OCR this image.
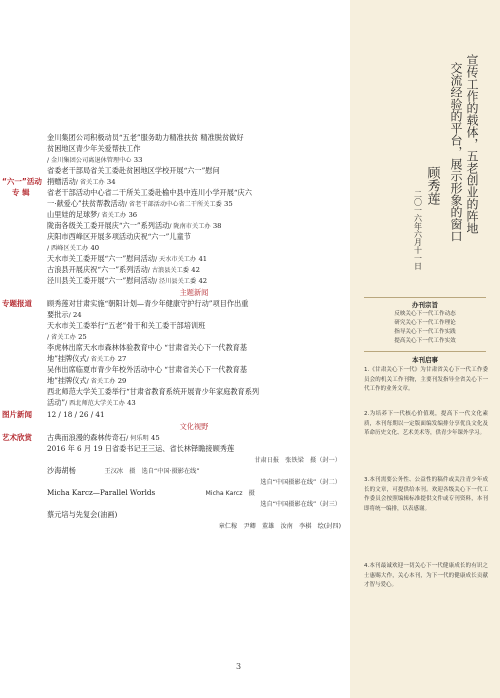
“六一”活动
专 辑
金川集团公司积极动员“五老”服务助力精准扶贫 精准脱贫做好
贫困地区青少年关爱帮扶工作
/ 金川集团公司离退休管理中心 33
省委老干部局省关工委赴贫困地区学校开展“六一”慰问
捐赠活动/ 省关工办 34
省老干部活动中心省二干所关工委赴榆中县中连川小学开展“庆六
一·献爱心”扶贫帮教活动/ 省老干部活动中心省二干所关工委 35
山里娃的足球梦/ 省关工办 36
陇南各级关工委开展庆“六一”系列活动/ 陇南市关工办 38
庆阳市西峰区开展多项活动庆祝“六一”儿童节
/ 西峰区关工办 40
天水市关工委开展“六一”慰问活动/ 天水市关工办 41
古浪县开展庆祝“六一”系列活动/ 古浪县关工委 42
泾川县关工委开展“六一”慰问活动/ 泾川县关工委 42
主题新闻
专题报道 顾秀莲对甘肃实施“朝阳计划—青少年健康守护行动”项目作出重
要批示/ 24
天水市关工委举行“五老”骨干和关工委干部培训班
/ 省关工办 25
李虎林出席天水市森林体验教育中心 “甘肃省关心下一代教育基
地”挂牌仪式/ 省关工办 27
吴伟出席临夏市青少年校外活动中心 “甘肃省关心下一代教育基
地”挂牌仪式/ 省关工办 29
西北师范大学关工委举行“甘肃省教育系统开展青少年家庭教育系列
活动”/ 西北师范大学关工办 43
图片新闻 12 / 18 / 26 / 41
文化视野
艺术欣赏 古典而浪漫的森林传奇石/ 何乐明 45
2016 年 6 月 19 日省委书记王三运、省长林铎瞻接顾秀莲
甘肃日报　张铁梁　摄（封一）
沙海胡杨　　　　	王汉冰　摄　选自“中国·摄影在线”
选自“中国摄影在线”（封二）
Micha Karcz—Parallel Worlds　　　　　　　	Micha Karcz　摄
选自“中国摄影在线”（封三）
蔡元培与先复会(油画)
章仁稼　尹卿　董雄　汝南　李棋　绘(封四)
宣传工作的载体，五老创业的阵地
交流经验的平台，展示形象的窗口
顾秀莲
二〇一六年六月十一日
办刊宗旨
反映关心下一代工作动态
研究关心下一代工作理论
指导关心下一代工作实践
提高关心下一代工作实效
本刊启事
1.《甘肃关心下一代》为甘肃省关心下一代工作委员会的机关工作刊物，主要刊发指导全省关心下一代工作的业务文章。
2.为培养下一代核心价值观，提高下一代文化素质，本刊每期以一定版面编发编排分享优良文化及革命历史文化、艺术美术等，供青少年课外学习。
3.本刊需要公务性、公益性的稿件或关注青少年成长的文章，可提供给本刊。欢迎各级关心下一代工作委员会按照编辑标准提供文件或专刊资料，本刊即将统一编排，以表感谢。
4.本刊最诚欢迎一切关心下一代健康成长的有识之士惠赐大作，关心本刊，为下一代的健康成长贡献才智与爱心。
3
